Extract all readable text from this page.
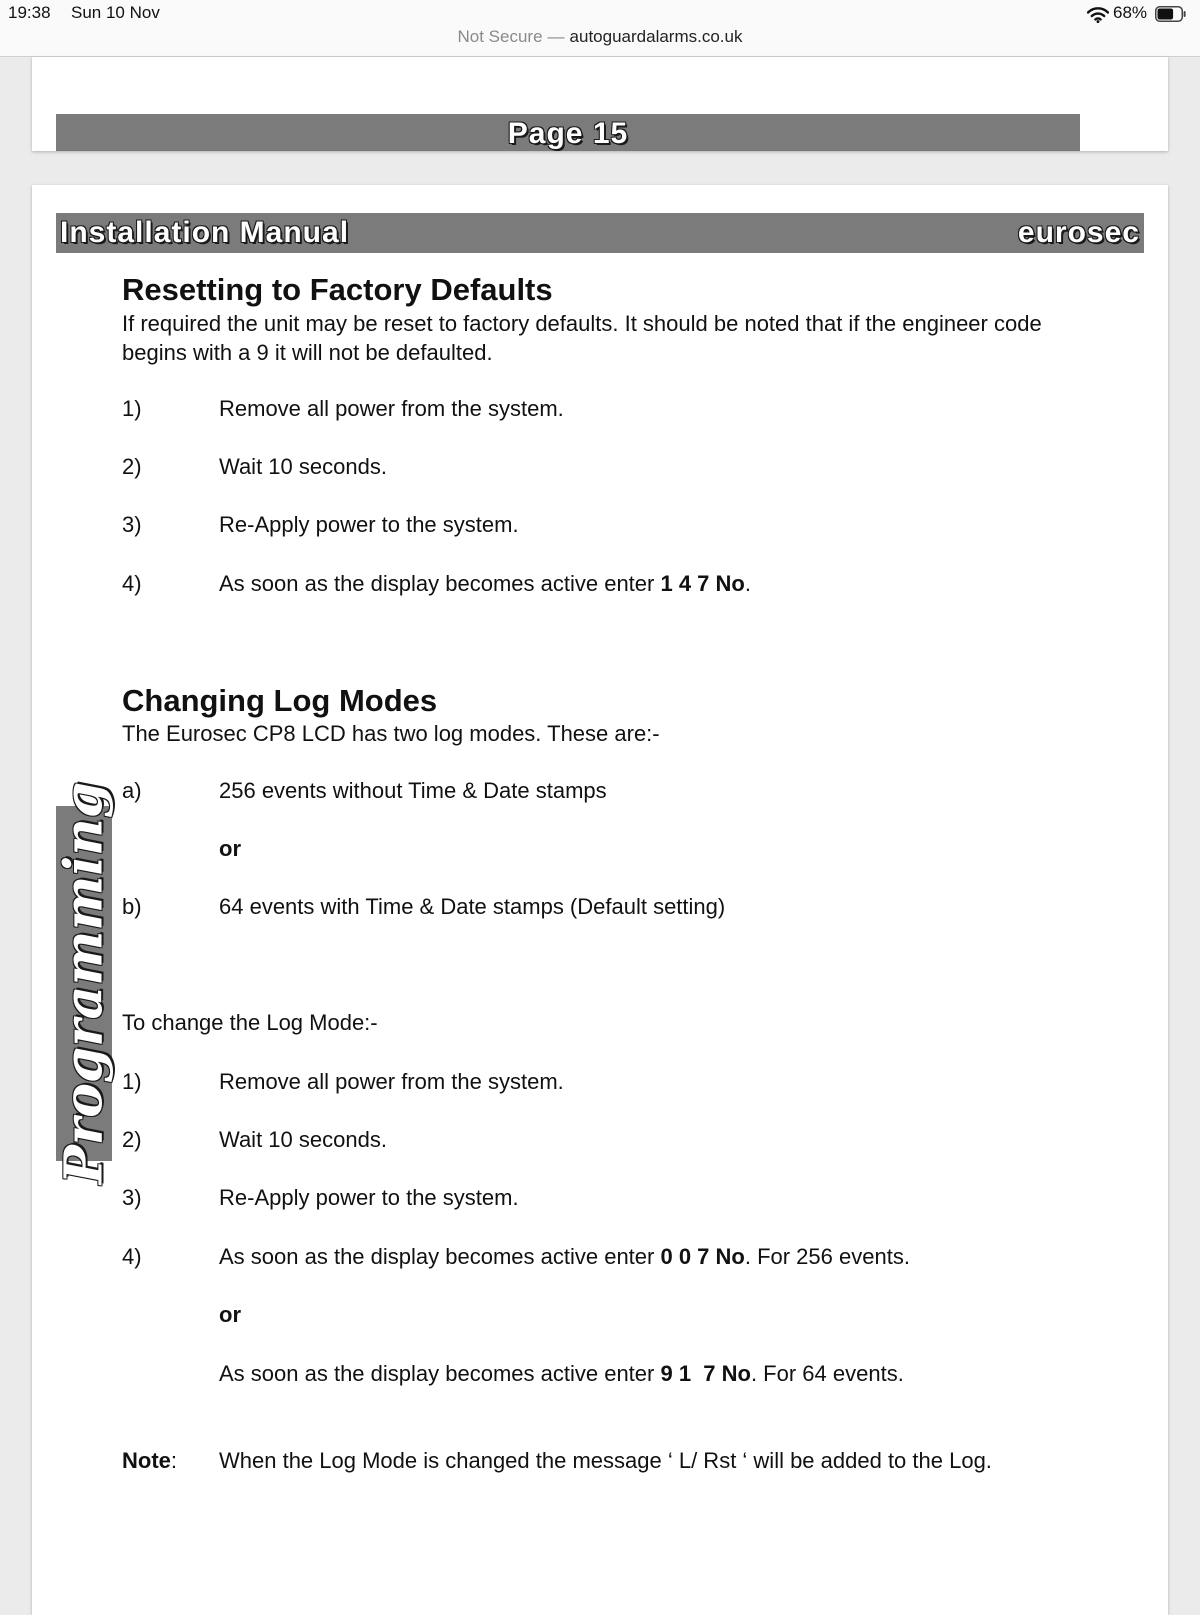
19:38 Sun 10 Nov	68%
Not Secure — autoguardalarms.co.uk
Page 15
Installation Manual	eurosec
Programming
Resetting to Factory Defaults
If required the unit may be reset to factory defaults. It should be noted that if the engineer code
begins with a 9 it will not be defaulted.
1)	Remove all power from the system.
2)	Wait 10 seconds.
3)	Re-Apply power to the system.
4)	As soon as the display becomes active enter 1 4 7 No.
Changing Log Modes
The Eurosec CP8 LCD has two log modes. These are:-
a)	256 events without Time & Date stamps
or
b)	64 events with Time & Date stamps (Default setting)
To change the Log Mode:-
1)	Remove all power from the system.
2)	Wait 10 seconds.
3)	Re-Apply power to the system.
4)	As soon as the display becomes active enter 0 0 7 No. For 256 events.
or
As soon as the display becomes active enter 9 1  7 No. For 64 events.
Note: When the Log Mode is changed the message ‘ L/ Rst ‘ will be added to the Log.
